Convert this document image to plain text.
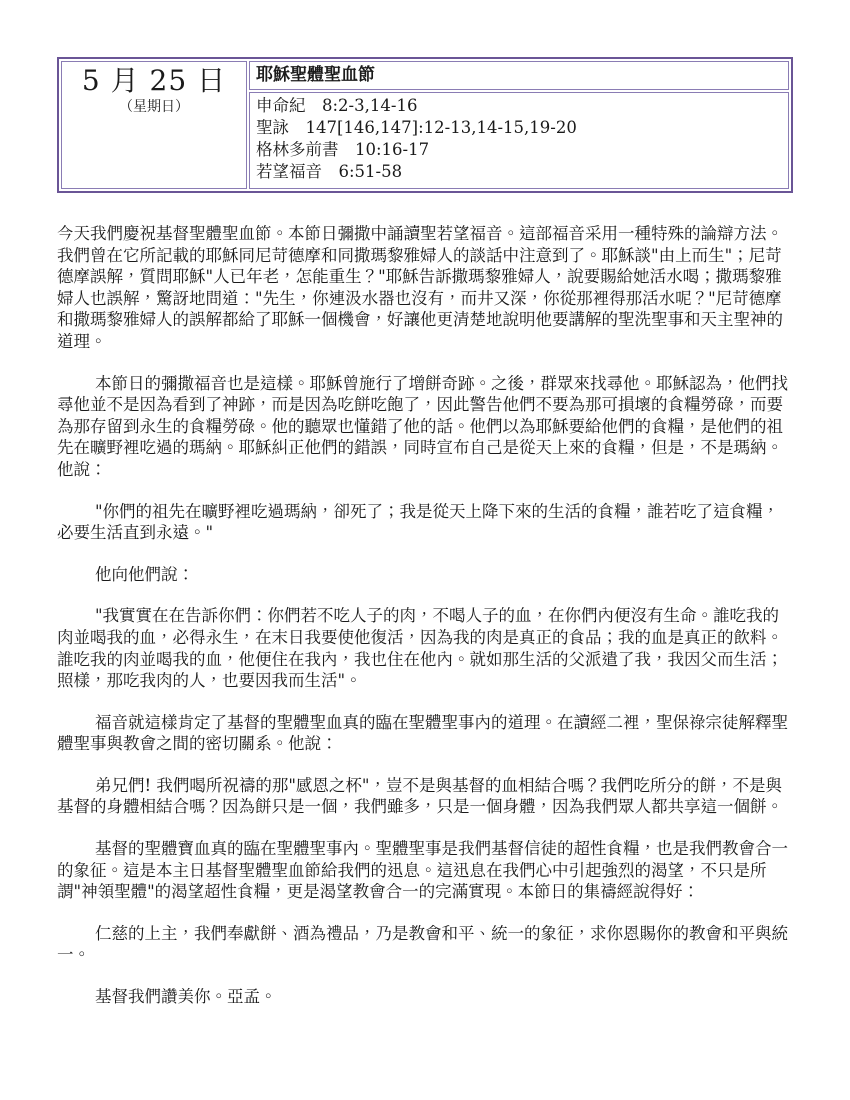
5 月 25 日
（星期日）
	耶穌聖體聖血節

申命紀　8:2-3,14-16
聖詠　147[146,147]:12-13,14-15,19-20
格林多前書　10:16-17
若望福音　6:51-58

今天我們慶祝基督聖體聖血節。本節日彌撒中誦讀聖若望福音。這部福音采用一種特殊的論辯方法。我們曾在它所記載的耶穌同尼苛德摩和同撒瑪黎雅婦人的談話中注意到了。耶穌談"由上而生"；尼苛德摩誤解，質問耶穌"人已年老，怎能重生？"耶穌告訴撒瑪黎雅婦人，說要賜給她活水喝；撒瑪黎雅婦人也誤解，驚訝地問道："先生，你連汲水器也沒有，而井又深，你從那裡得那活水呢？"尼苛德摩和撒瑪黎雅婦人的誤解都給了耶穌一個機會，好讓他更清楚地說明他要講解的聖洗聖事和天主聖神的道理。

本節日的彌撒福音也是這樣。耶穌曾施行了增餅奇跡。之後，群眾來找尋他。耶穌認為，他們找尋他並不是因為看到了神跡，而是因為吃餅吃飽了，因此警告他們不要為那可損壞的食糧勞碌，而要為那存留到永生的食糧勞碌。他的聽眾也懂錯了他的話。他們以為耶穌要給他們的食糧，是他們的祖先在曠野裡吃過的瑪納。耶穌糾正他們的錯誤，同時宣布自己是從天上來的食糧，但是，不是瑪納。他說：

"你們的祖先在曠野裡吃過瑪納，卻死了；我是從天上降下來的生活的食糧，誰若吃了這食糧，必要生活直到永遠。"

他向他們說：

"我實實在在告訴你們：你們若不吃人子的肉，不喝人子的血，在你們內便沒有生命。誰吃我的肉並喝我的血，必得永生，在末日我要使他復活，因為我的肉是真正的食品；我的血是真正的飲料。誰吃我的肉並喝我的血，他便住在我內，我也住在他內。就如那生活的父派遣了我，我因父而生活；照樣，那吃我肉的人，也要因我而生活"。

福音就這樣肯定了基督的聖體聖血真的臨在聖體聖事內的道理。在讀經二裡，聖保祿宗徒解釋聖體聖事與教會之間的密切關系。他說：

弟兄們! 我們喝所祝禱的那"感恩之杯"，豈不是與基督的血相結合嗎？我們吃所分的餅，不是與基督的身體相結合嗎？因為餅只是一個，我們雖多，只是一個身體，因為我們眾人都共享這一個餅。

基督的聖體寶血真的臨在聖體聖事內。聖體聖事是我們基督信徒的超性食糧，也是我們教會合一的象征。這是本主日基督聖體聖血節給我們的迅息。這迅息在我們心中引起強烈的渴望，不只是所謂"神領聖體"的渴望超性食糧，更是渴望教會合一的完滿實現。本節日的集禱經說得好：

仁慈的上主，我們奉獻餅、酒為禮品，乃是教會和平、統一的象征，求你恩賜你的教會和平與統一。

基督我們讚美你。亞孟。
